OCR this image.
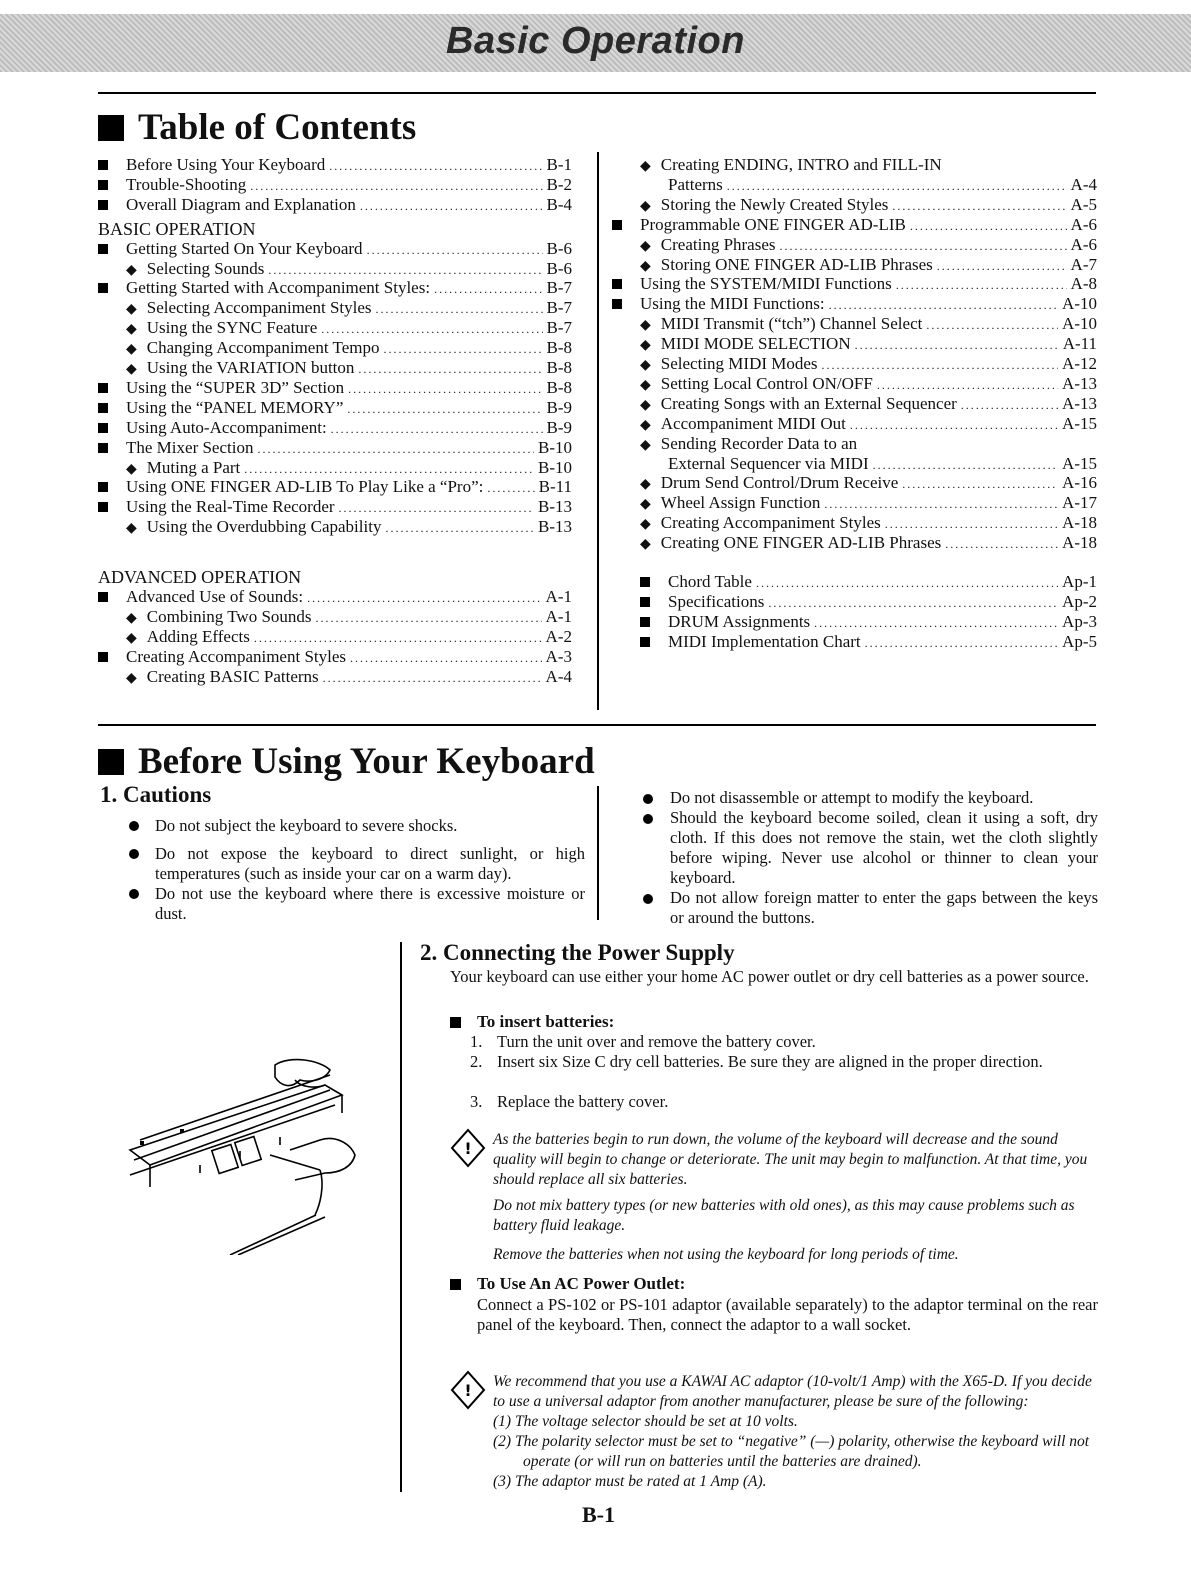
Basic Operation
Table of Contents
Before Using Your Keyboard .....	B-1
Trouble-Shooting .....	B-2
Overall Diagram and Explanation .....	B-4
BASIC OPERATION
Getting Started On Your Keyboard .....	B-6
◆ Selecting Sounds .....	B-6
Getting Started with Accompaniment Styles: .....	B-7
◆ Selecting Accompaniment Styles .....	B-7
◆ Using the SYNC Feature .....	B-7
◆ Changing Accompaniment Tempo .....	B-8
◆ Using the VARIATION button .....	B-8
Using the “SUPER 3D” Section .....	B-8
Using the “PANEL MEMORY” .....	B-9
Using Auto-Accompaniment: .....	B-9
The Mixer Section .....	B-10
◆ Muting a Part .....	B-10
Using ONE FINGER AD-LIB To Play Like a “Pro”: .....	B-11
Using the Real-Time Recorder .....	B-13
◆ Using the Overdubbing Capability .....	B-13
ADVANCED OPERATION
Advanced Use of Sounds: .....	A-1
◆ Combining Two Sounds .....	A-1
◆ Adding Effects .....	A-2
Creating Accompaniment Styles .....	A-3
◆ Creating BASIC Patterns .....	A-4
◆ Creating ENDING, INTRO and FILL-IN
Patterns .....	A-4
◆ Storing the Newly Created Styles .....	A-5
Programmable ONE FINGER AD-LIB .....	A-6
◆ Creating Phrases .....	A-6
◆ Storing ONE FINGER AD-LIB Phrases .....	A-7
Using the SYSTEM/MIDI Functions .....	A-8
Using the MIDI Functions: .....	A-10
◆ MIDI Transmit (“tch”) Channel Select .....	A-10
◆ MIDI MODE SELECTION .....	A-11
◆ Selecting MIDI Modes .....	A-12
◆ Setting Local Control ON/OFF .....	A-13
◆ Creating Songs with an External Sequencer .....	A-13
◆ Accompaniment MIDI Out .....	A-15
◆ Sending Recorder Data to an
External Sequencer via MIDI .....	A-15
◆ Drum Send Control/Drum Receive .....	A-16
◆ Wheel Assign Function .....	A-17
◆ Creating Accompaniment Styles .....	A-18
◆ Creating ONE FINGER AD-LIB Phrases .....	A-18
Chord Table .....	Ap-1
Specifications .....	Ap-2
DRUM Assignments .....	Ap-3
MIDI Implementation Chart .....	Ap-5
Before Using Your Keyboard
1. Cautions
Do not subject the keyboard to severe shocks.
Do not expose the keyboard to direct sunlight, or high temperatures (such as inside your car on a warm day).
Do not use the keyboard where there is excessive moisture or dust.
Do not disassemble or attempt to modify the keyboard.
Should the keyboard become soiled, clean it using a soft, dry cloth. If this does not remove the stain, wet the cloth slightly before wiping. Never use alcohol or thinner to clean your keyboard.
Do not allow foreign matter to enter the gaps between the keys or around the buttons.
2. Connecting the Power Supply
Your keyboard can use either your home AC power outlet or dry cell batteries as a power source.
To insert batteries:
1. Turn the unit over and remove the battery cover.
2. Insert six Size C dry cell batteries. Be sure they are aligned in the proper direction.
3. Replace the battery cover.
! As the batteries begin to run down, the volume of the keyboard will decrease and the sound quality will begin to change or deteriorate. The unit may begin to malfunction. At that time, you should replace all six batteries.
Do not mix battery types (or new batteries with old ones), as this may cause problems such as battery fluid leakage.
Remove the batteries when not using the keyboard for long periods of time.
To Use An AC Power Outlet:
Connect a PS-102 or PS-101 adaptor (available separately) to the adaptor terminal on the rear panel of the keyboard. Then, connect the adaptor to a wall socket.
! We recommend that you use a KAWAI AC adaptor (10-volt/1 Amp) with the X65-D. If you decide to use a universal adaptor from another manufacturer, please be sure of the following:
(1) The voltage selector should be set at 10 volts.
(2) The polarity selector must be set to “negative” (—) polarity, otherwise the keyboard will not operate (or will run on batteries until the batteries are drained).
(3) The adaptor must be rated at 1 Amp (A).
B-1
